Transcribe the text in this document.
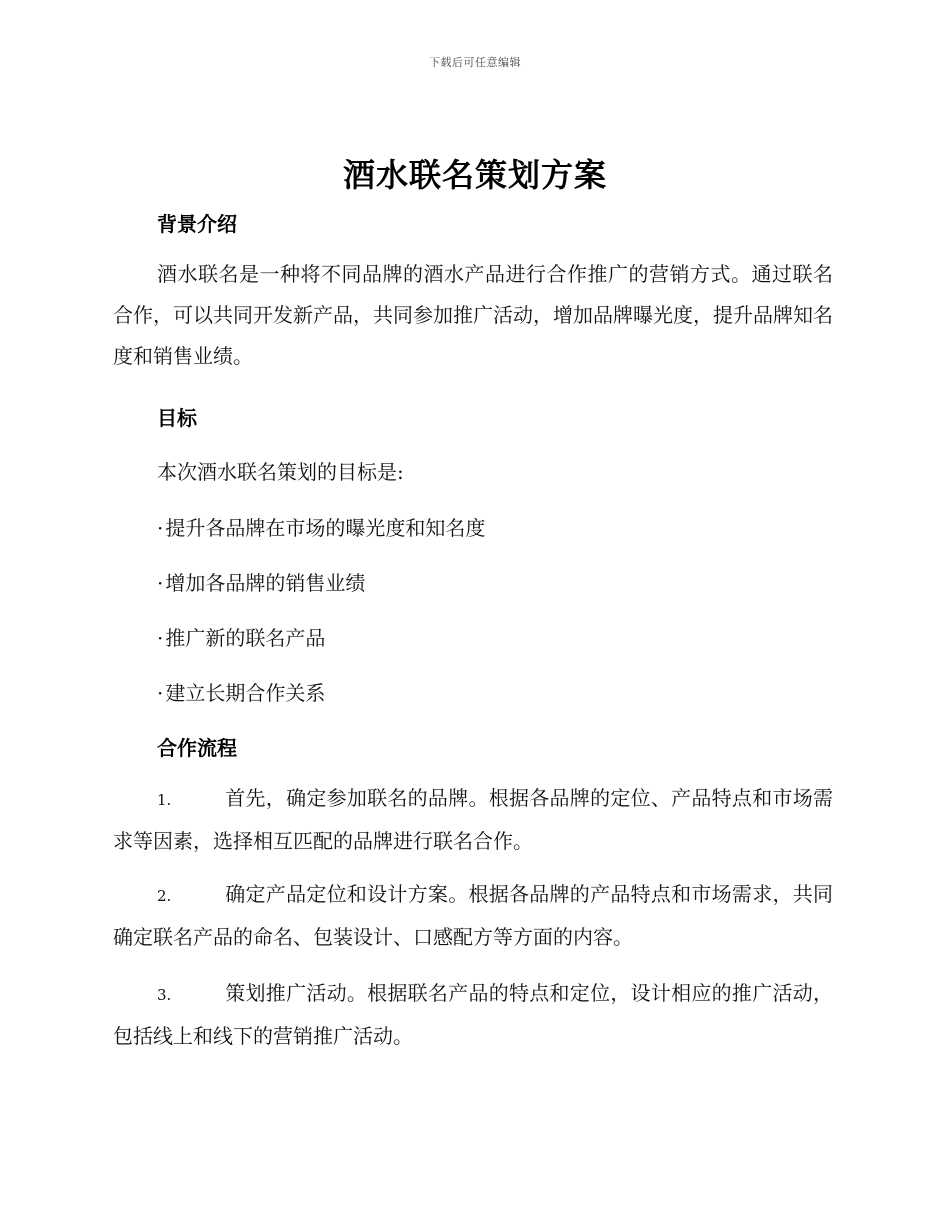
下载后可任意编辑
酒水联名策划方案
背景介绍
酒水联名是一种将不同品牌的酒水产品进行合作推广的营销方式。通过联名合作，可以共同开发新产品，共同参加推广活动，增加品牌曝光度，提升品牌知名度和销售业绩。
目标
本次酒水联名策划的目标是:
· 提升各品牌在市场的曝光度和知名度
· 增加各品牌的销售业绩
· 推广新的联名产品
· 建立长期合作关系
合作流程
1.	首先，确定参加联名的品牌。根据各品牌的定位、产品特点和市场需求等因素，选择相互匹配的品牌进行联名合作。
2.	确定产品定位和设计方案。根据各品牌的产品特点和市场需求，共同确定联名产品的命名、包装设计、口感配方等方面的内容。
3.	策划推广活动。根据联名产品的特点和定位，设计相应的推广活动，包括线上和线下的营销推广活动。
